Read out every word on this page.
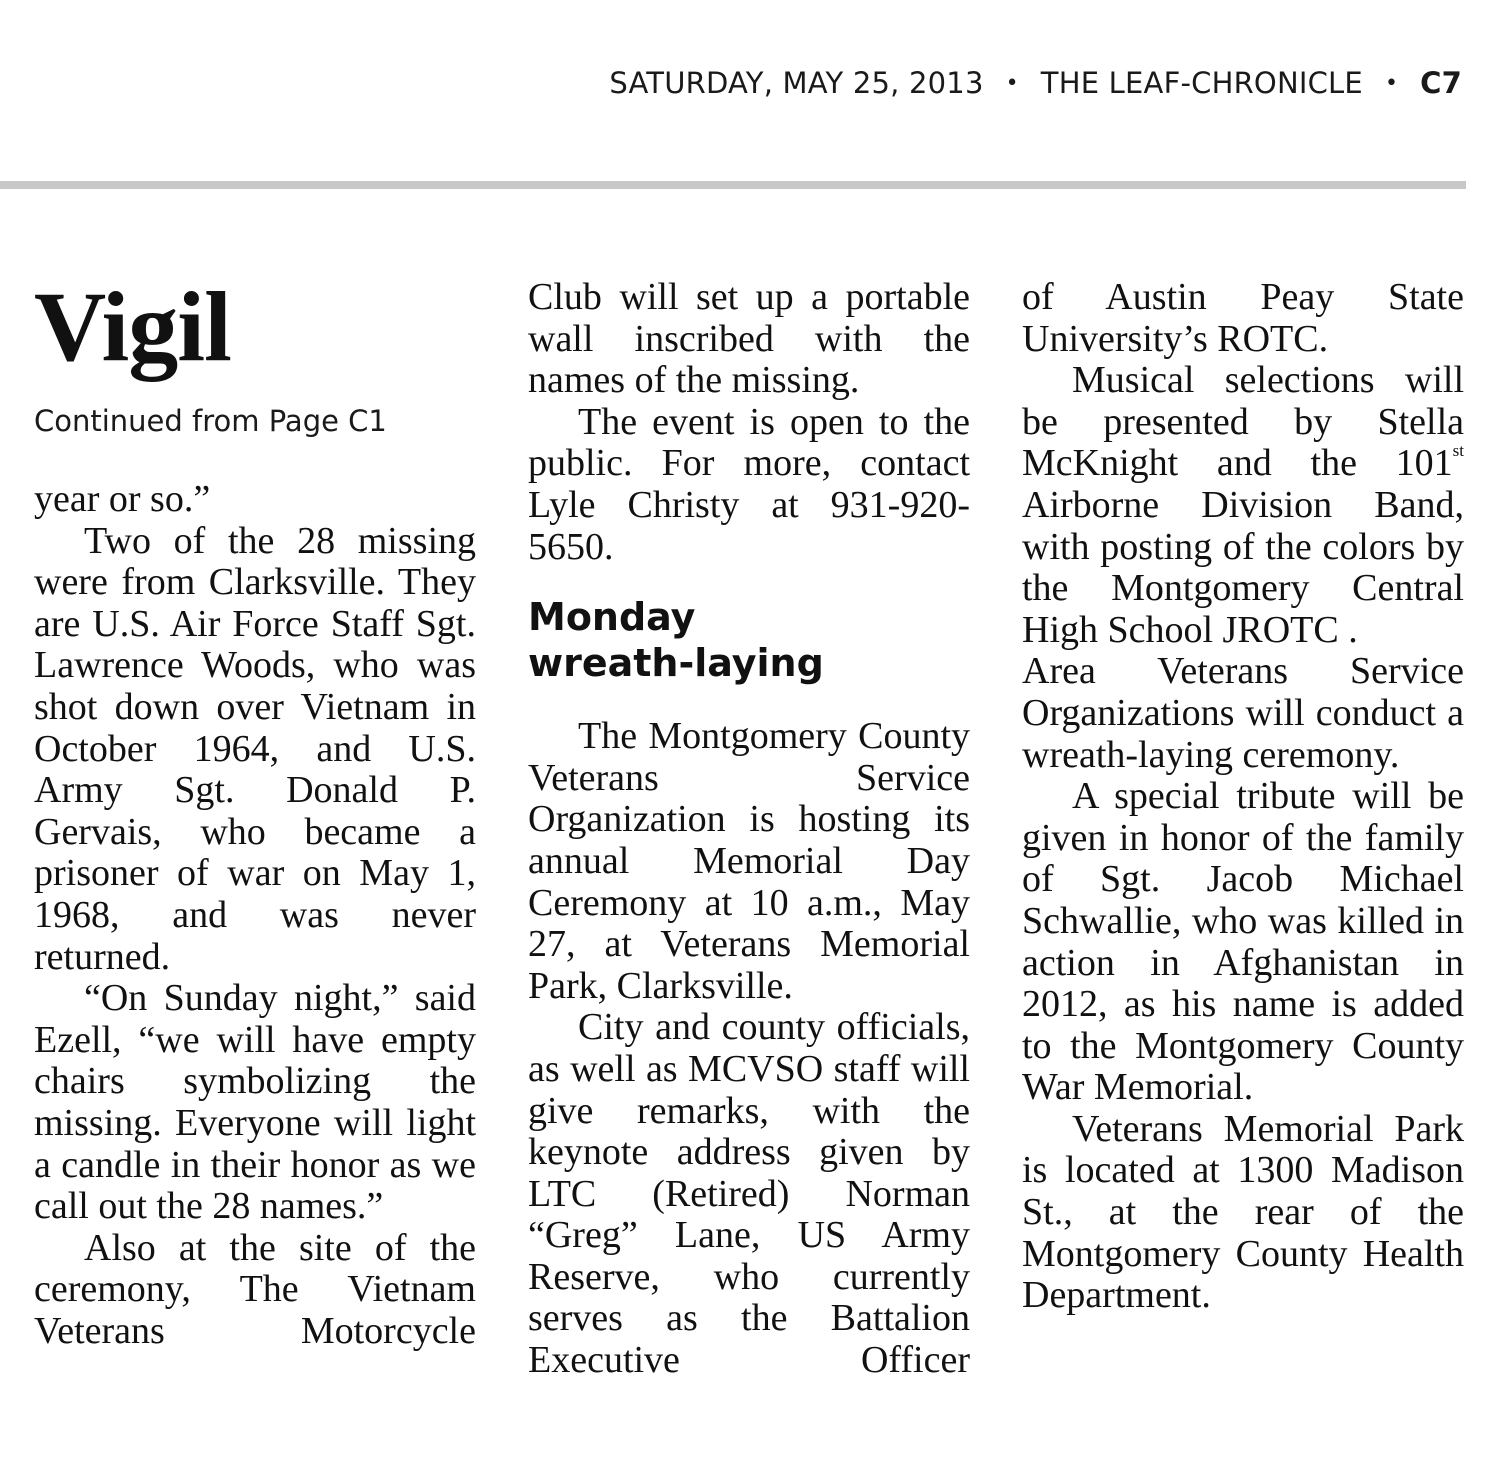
SATURDAY, MAY 25, 2013 • THE LEAF-CHRONICLE • C7
Vigil
Continued from Page C1

year or so.”

Two of the 28 missing were from Clarksville. They are U.S. Air Force Staff Sgt. Lawrence Woods, who was shot down over Vietnam in October 1964, and U.S. Army Sgt. Donald P. Gervais, who became a prisoner of war on May 1, 1968, and was never returned.

“On Sunday night,” said Ezell, “we will have empty chairs symbolizing the missing. Everyone will light a candle in their honor as we call out the 28 names.”

Also at the site of the ceremony, The Vietnam Veterans Motorcycle

Club will set up a portable wall inscribed with the names of the missing.

The event is open to the public. For more, contact Lyle Christy at 931-920-5650.

Monday
wreath-laying

The Montgomery County Veterans Service Organization is hosting its annual Memorial Day Ceremony at 10 a.m., May 27, at Veterans Memorial Park, Clarksville.

City and county officials, as well as MCVSO staff will give remarks, with the keynote address given by LTC (Retired) Norman “Greg” Lane, US Army Reserve, who currently serves as the Battalion Executive Officer

of Austin Peay State University’s ROTC.

Musical selections will be presented by Stella McKnight and the 101st Airborne Division Band, with posting of the colors by the Montgomery Central High School JROTC .

Area Veterans Service Organizations will conduct a wreath-laying ceremony.

A special tribute will be given in honor of the family of Sgt. Jacob Michael Schwallie, who was killed in action in Afghanistan in 2012, as his name is added to the Montgomery County War Memorial.

Veterans Memorial Park is located at 1300 Madison St., at the rear of the Montgomery County Health Department.
